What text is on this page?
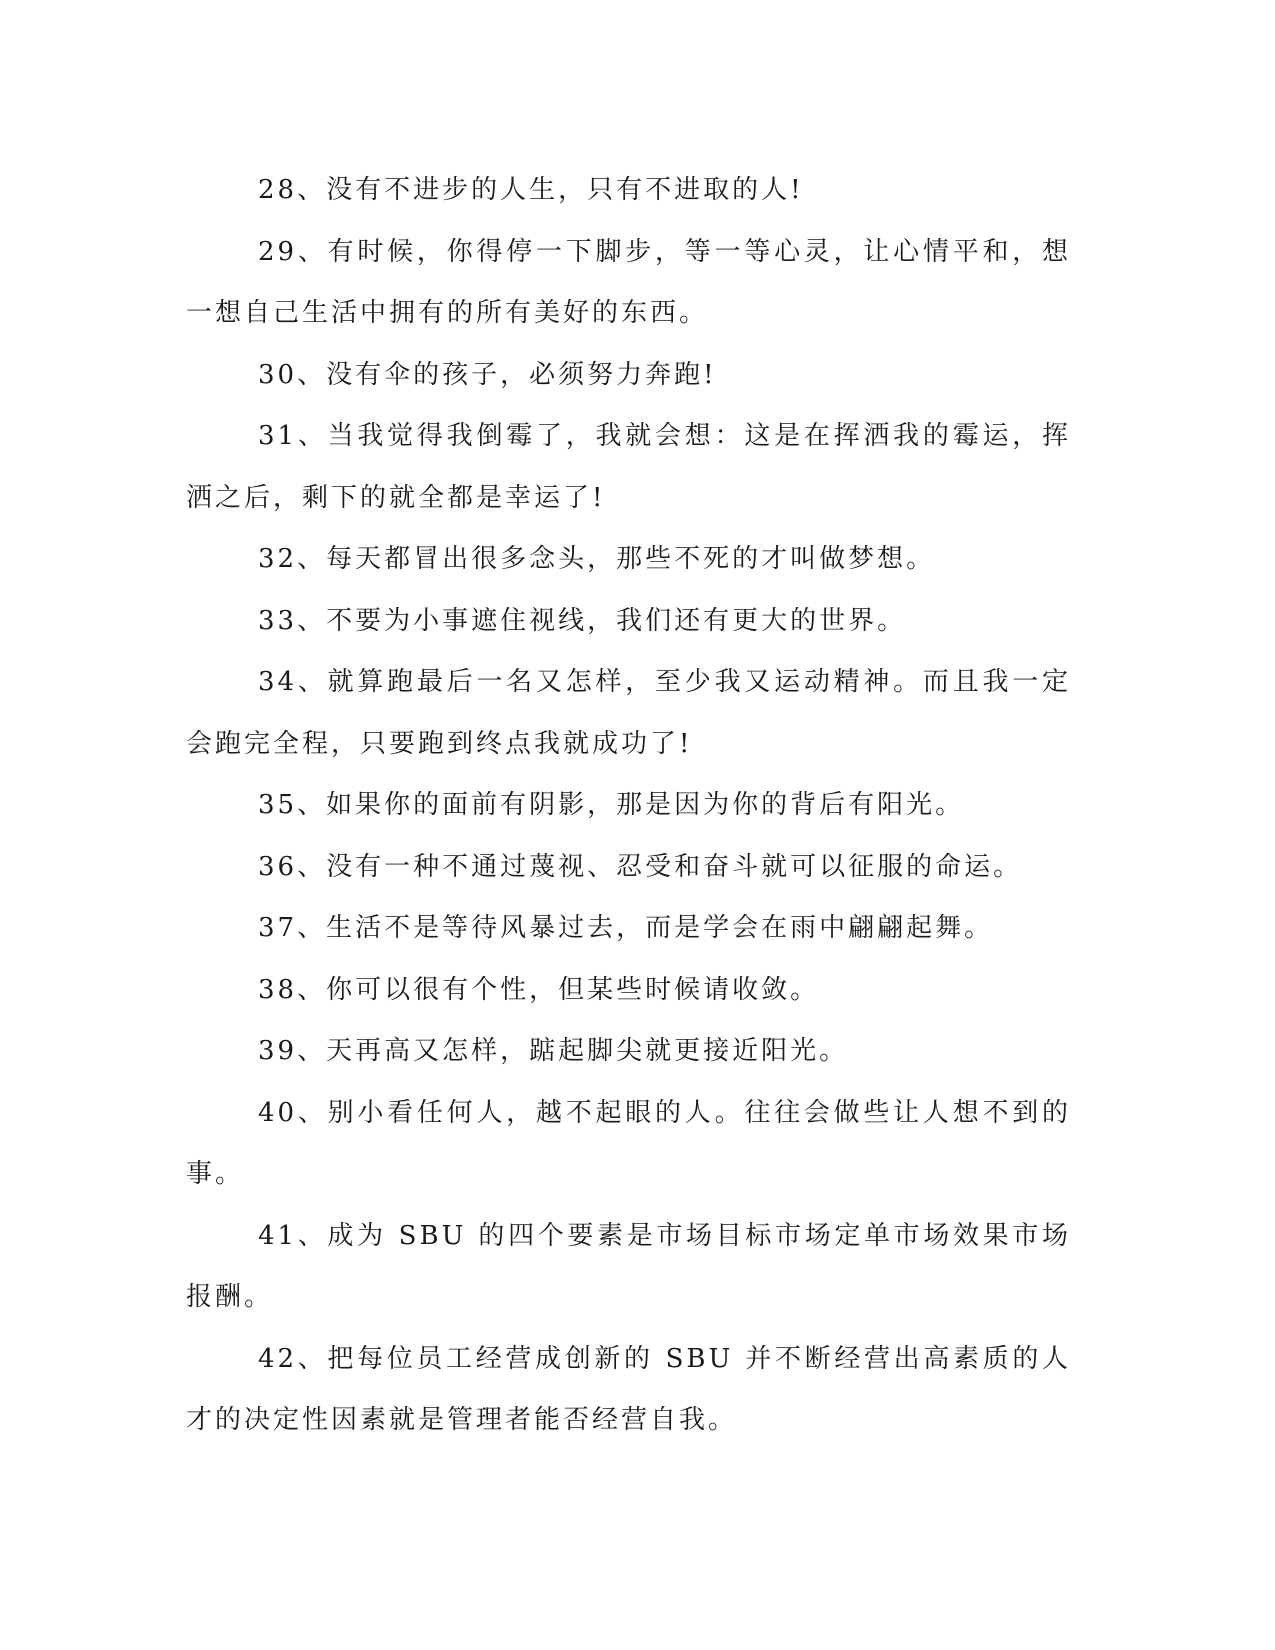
28、没有不进步的人生，只有不进取的人!

29、有时候，你得停一下脚步，等一等心灵，让心情平和，想一想自己生活中拥有的所有美好的东西。

30、没有伞的孩子，必须努力奔跑!

31、当我觉得我倒霉了，我就会想：这是在挥洒我的霉运，挥洒之后，剩下的就全都是幸运了!

32、每天都冒出很多念头，那些不死的才叫做梦想。

33、不要为小事遮住视线，我们还有更大的世界。

34、就算跑最后一名又怎样，至少我又运动精神。而且我一定会跑完全程，只要跑到终点我就成功了!

35、如果你的面前有阴影，那是因为你的背后有阳光。

36、没有一种不通过蔑视、忍受和奋斗就可以征服的命运。

37、生活不是等待风暴过去，而是学会在雨中翩翩起舞。

38、你可以很有个性，但某些时候请收敛。

39、天再高又怎样，踮起脚尖就更接近阳光。

40、别小看任何人，越不起眼的人。往往会做些让人想不到的事。

41、成为 SBU 的四个要素是市场目标市场定单市场效果市场报酬。

42、把每位员工经营成创新的 SBU 并不断经营出高素质的人才的决定性因素就是管理者能否经营自我。
